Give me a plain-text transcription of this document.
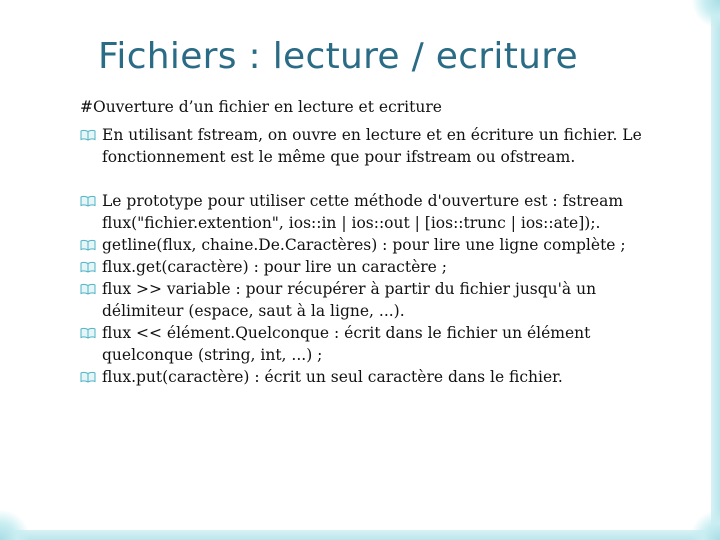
Fichiers : lecture / ecriture
#Ouverture d’un fichier en lecture et ecriture
En utilisant fstream, on ouvre en lecture et en écriture un fichier. Le fonctionnement est le même que pour ifstream ou ofstream.
Le prototype pour utiliser cette méthode d'ouverture est : fstream flux("fichier.extention", ios::in | ios::out | [ios::trunc | ios::ate]);.
getline(flux, chaine.De.Caractères) : pour lire une ligne complète ;
flux.get(caractère) : pour lire un caractère ;
flux >> variable : pour récupérer à partir du fichier jusqu'à un délimiteur (espace, saut à la ligne, ...).
flux << élément.Quelconque : écrit dans le fichier un élément quelconque (string, int, ...) ;
flux.put(caractère) : écrit un seul caractère dans le fichier.
